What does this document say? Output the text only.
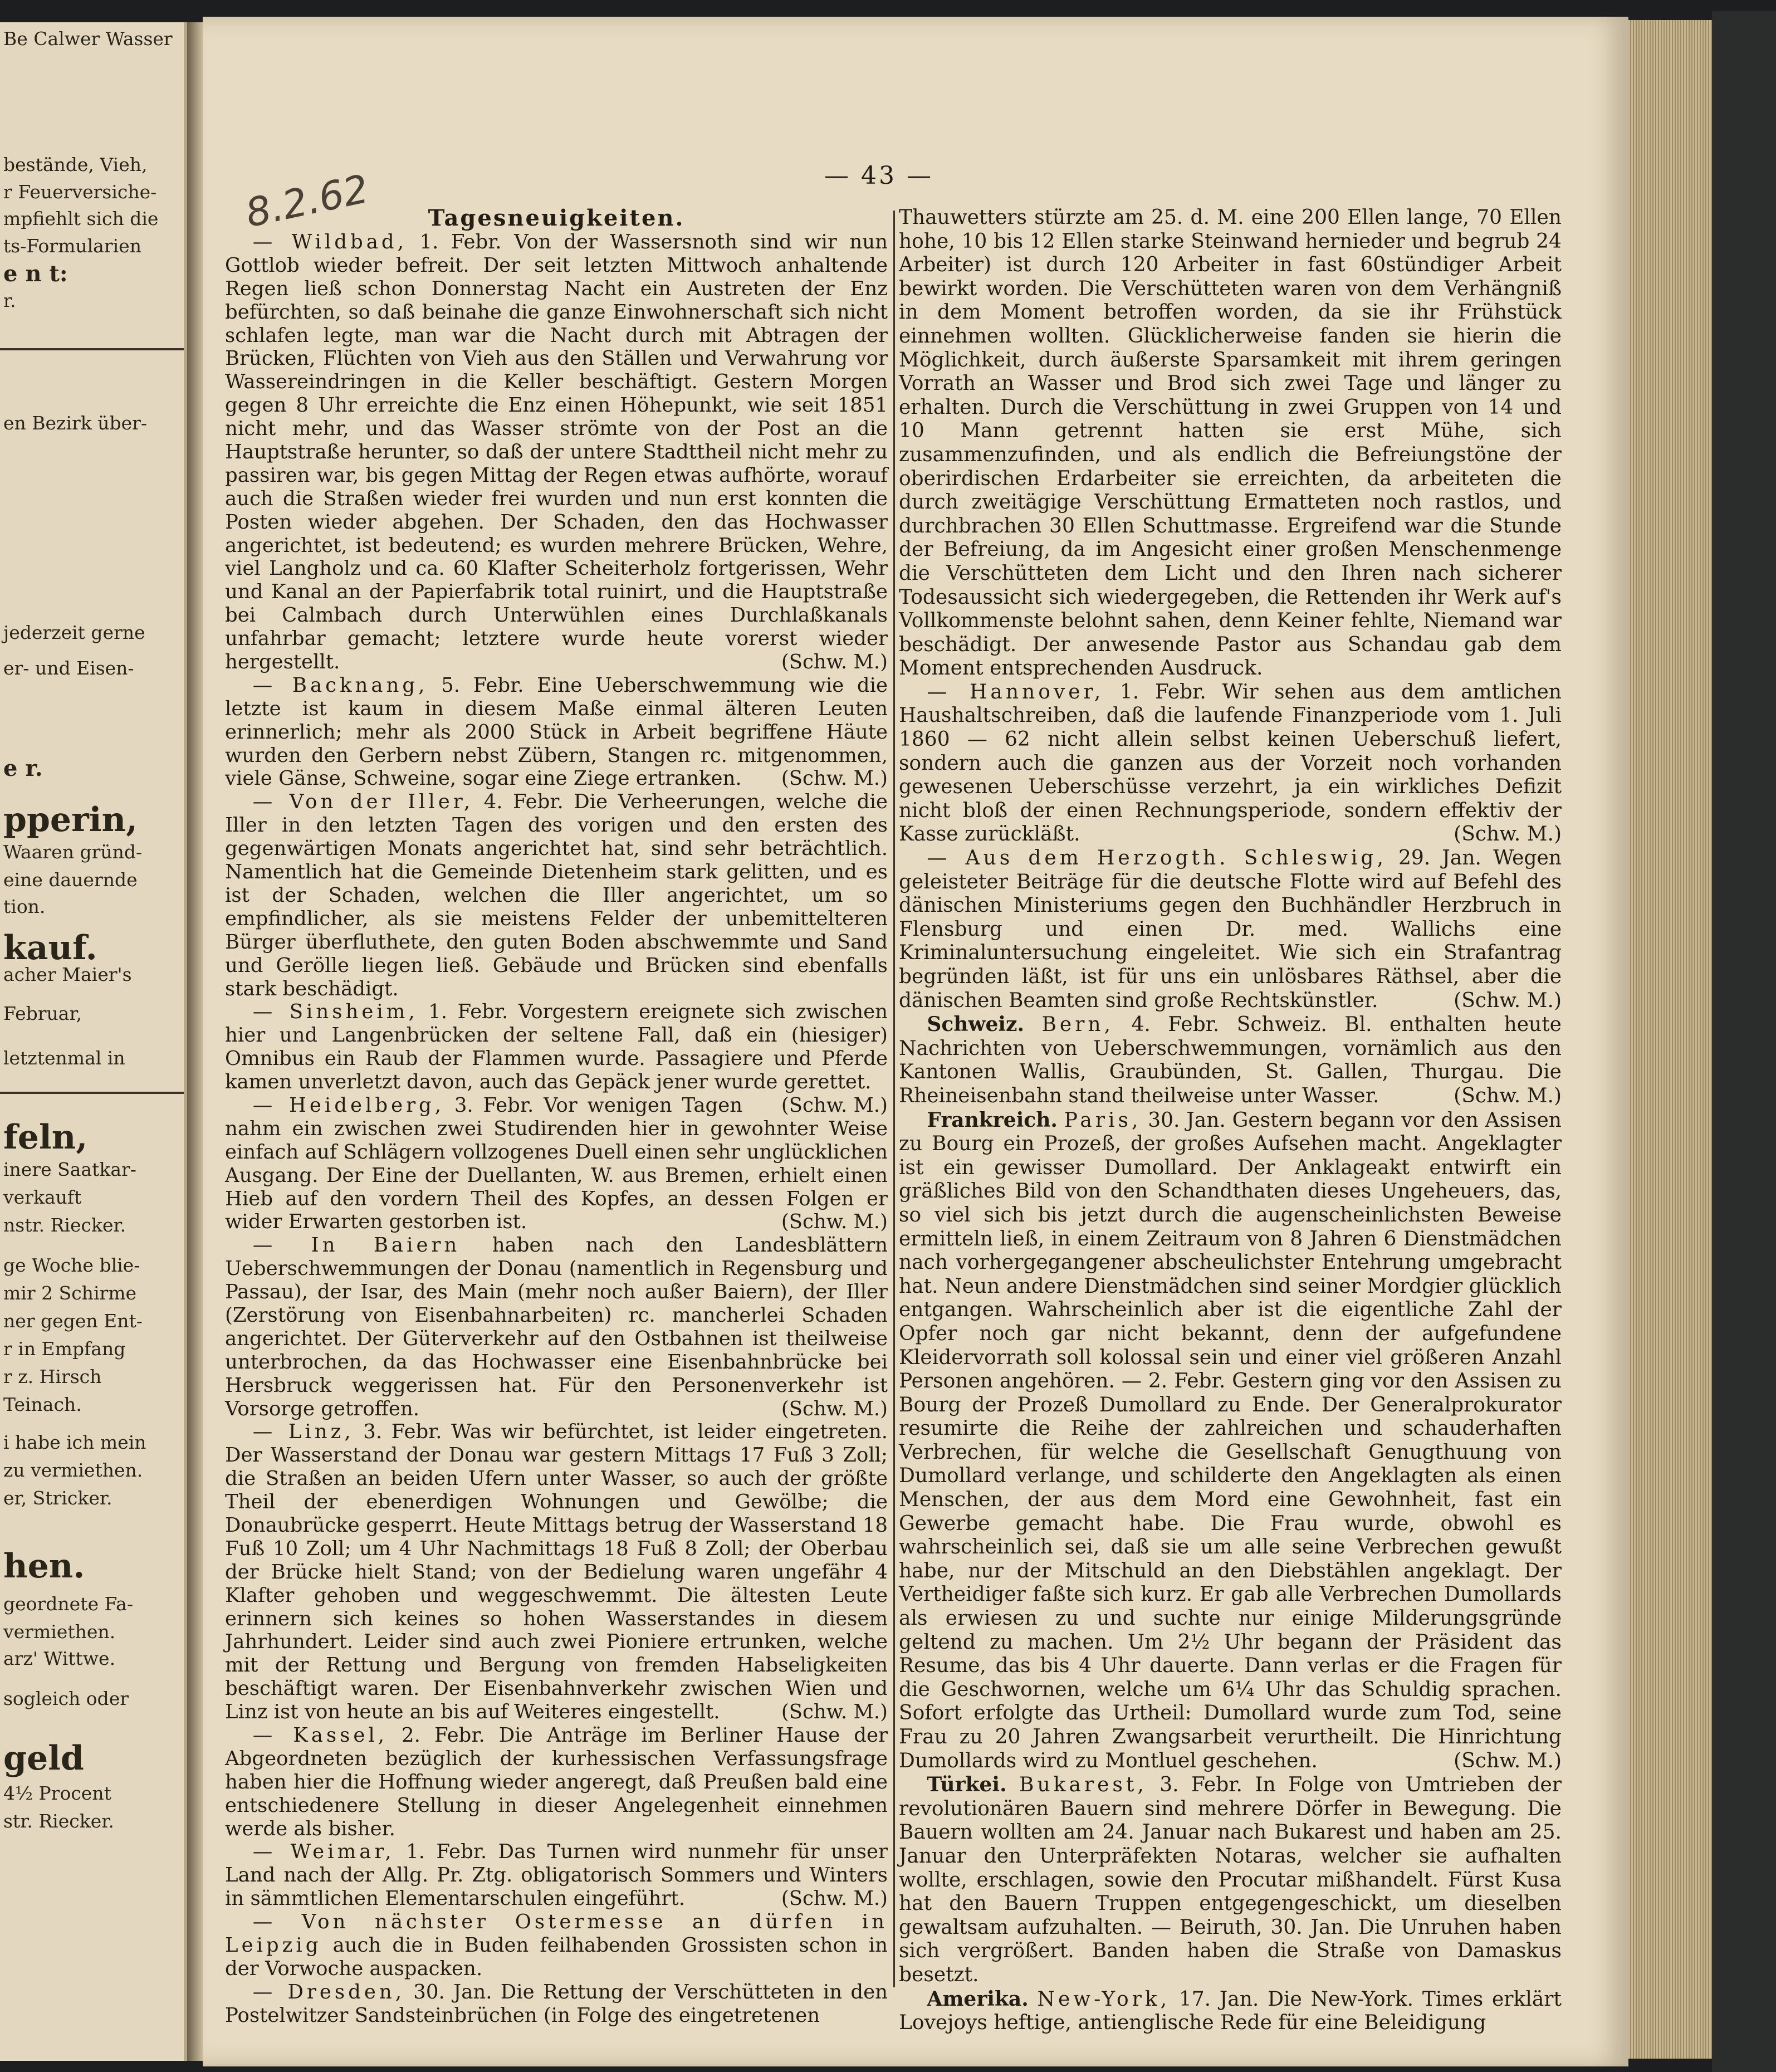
Be Calwer Wasser
bestände, Vieh,
r Feuerversiche-
mpfiehlt sich die
ts-Formularien
e n t:
r.
en Bezirk über-
jederzeit gerne
er- und Eisen-
e r.
pperin,
Waaren gründ-
eine dauernde
tion.
kauf.
acher Maier's
Februar,
letztenmal in
feln,
inere Saatkar-
verkauft
nstr. Riecker.
ge Woche blie-
mir 2 Schirme
ner gegen Ent-
r in Empfang
r z. Hirsch
Teinach.
i habe ich mein
zu vermiethen.
er, Stricker.
hen.
geordnete Fa-
vermiethen.
arz' Wittwe.
sogleich oder
geld
4½ Procent
str. Riecker.
8.2.62	— 43 —
Tagesneuigkeiten.

— Wildbad, 1. Febr. Von der Wassersnoth sind wir nun Gottlob wieder befreit. Der seit letzten Mittwoch anhaltende Regen ließ schon Donnerstag Nacht ein Austreten der Enz befürchten, so daß beinahe die ganze Einwohnerschaft sich nicht schlafen legte, man war die Nacht durch mit Abtragen der Brücken, Flüchten von Vieh aus den Ställen und Verwahrung vor Wassereindringen in die Keller beschäftigt. Gestern Morgen gegen 8 Uhr erreichte die Enz einen Höhepunkt, wie seit 1851 nicht mehr, und das Wasser strömte von der Post an die Hauptstraße herunter, so daß der untere Stadttheil nicht mehr zu passiren war, bis gegen Mittag der Regen etwas aufhörte, worauf auch die Straßen wieder frei wurden und nun erst konnten die Posten wieder abgehen. Der Schaden, den das Hochwasser angerichtet, ist bedeutend; es wurden mehrere Brücken, Wehre, viel Langholz und ca. 60 Klafter Scheiterholz fortgerissen, Wehr und Kanal an der Papierfabrik total ruinirt, und die Hauptstraße bei Calmbach durch Unterwühlen eines Durchlaßkanals unfahrbar gemacht; letztere wurde heute vorerst wieder hergestellt.	(Schw. M.)

— Backnang, 5. Febr. Eine Ueberschwemmung wie die letzte ist kaum in diesem Maße einmal älteren Leuten erinnerlich; mehr als 2000 Stück in Arbeit begriffene Häute wurden den Gerbern nebst Zübern, Stangen rc. mitgenommen, viele Gänse, Schweine, sogar eine Ziege ertranken.	(Schw. M.)

— Von der Iller, 4. Febr. Die Verheerungen, welche die Iller in den letzten Tagen des vorigen und den ersten des gegenwärtigen Monats angerichtet hat, sind sehr beträchtlich. Namentlich hat die Gemeinde Dietenheim stark gelitten, und es ist der Schaden, welchen die Iller angerichtet, um so empfindlicher, als sie meistens Felder der unbemittelteren Bürger überfluthete, den guten Boden abschwemmte und Sand und Gerölle liegen ließ. Gebäude und Brücken sind ebenfalls stark beschädigt.

— Sinsheim, 1. Febr. Vorgestern ereignete sich zwischen hier und Langenbrücken der seltene Fall, daß ein (hiesiger) Omnibus ein Raub der Flammen wurde. Passagiere und Pferde kamen unverletzt davon, auch das Gepäck jener wurde gerettet.
(Schw. M.)

— Heidelberg, 3. Febr. Vor wenigen Tagen nahm ein zwischen zwei Studirenden hier in gewohnter Weise einfach auf Schlägern vollzogenes Duell einen sehr unglücklichen Ausgang. Der Eine der Duellanten, W. aus Bremen, erhielt einen Hieb auf den vordern Theil des Kopfes, an dessen Folgen er wider Erwarten gestorben ist.	(Schw. M.)

— In Baiern haben nach den Landesblättern Ueberschwemmungen der Donau (namentlich in Regensburg und Passau), der Isar, des Main (mehr noch außer Baiern), der Iller (Zerstörung von Eisenbahnarbeiten) rc. mancherlei Schaden angerichtet. Der Güterverkehr auf den Ostbahnen ist theilweise unterbrochen, da das Hochwasser eine Eisenbahnbrücke bei Hersbruck weggerissen hat. Für den Personenverkehr ist Vorsorge getroffen.	(Schw. M.)

— Linz, 3. Febr. Was wir befürchtet, ist leider eingetreten. Der Wasserstand der Donau war gestern Mittags 17 Fuß 3 Zoll; die Straßen an beiden Ufern unter Wasser, so auch der größte Theil der ebenerdigen Wohnungen und Gewölbe; die Donaubrücke gesperrt. Heute Mittags betrug der Wasserstand 18 Fuß 10 Zoll; um 4 Uhr Nachmittags 18 Fuß 8 Zoll; der Oberbau der Brücke hielt Stand; von der Bedielung waren ungefähr 4 Klafter gehoben und weggeschwemmt. Die ältesten Leute erinnern sich keines so hohen Wasserstandes in diesem Jahrhundert. Leider sind auch zwei Pioniere ertrunken, welche mit der Rettung und Bergung von fremden Habseligkeiten beschäftigt waren. Der Eisenbahnverkehr zwischen Wien und Linz ist von heute an bis auf Weiteres eingestellt.	(Schw. M.)

— Kassel, 2. Febr. Die Anträge im Berliner Hause der Abgeordneten bezüglich der kurhessischen Verfassungsfrage haben hier die Hoffnung wieder angeregt, daß Preußen bald eine entschiedenere Stellung in dieser Angelegenheit einnehmen werde als bisher.

— Weimar, 1. Febr. Das Turnen wird nunmehr für unser Land nach der Allg. Pr. Ztg. obligatorisch Sommers und Winters in sämmtlichen Elementarschulen eingeführt.	(Schw. M.)

— Von nächster Ostermesse an dürfen in Leipzig auch die in Buden feilhabenden Grossisten schon in der Vorwoche auspacken.

— Dresden, 30. Jan. Die Rettung der Verschütteten in den Postelwitzer Sandsteinbrüchen (in Folge des eingetretenen

Thauwetters stürzte am 25. d. M. eine 200 Ellen lange, 70 Ellen hohe, 10 bis 12 Ellen starke Steinwand hernieder und begrub 24 Arbeiter) ist durch 120 Arbeiter in fast 60stündiger Arbeit bewirkt worden. Die Verschütteten waren von dem Verhängniß in dem Moment betroffen worden, da sie ihr Frühstück einnehmen wollten. Glücklicherweise fanden sie hierin die Möglichkeit, durch äußerste Sparsamkeit mit ihrem geringen Vorrath an Wasser und Brod sich zwei Tage und länger zu erhalten. Durch die Verschüttung in zwei Gruppen von 14 und 10 Mann getrennt hatten sie erst Mühe, sich zusammenzufinden, und als endlich die Befreiungstöne der oberirdischen Erdarbeiter sie erreichten, da arbeiteten die durch zweitägige Verschüttung Ermatteten noch rastlos, und durchbrachen 30 Ellen Schuttmasse. Ergreifend war die Stunde der Befreiung, da im Angesicht einer großen Menschenmenge die Verschütteten dem Licht und den Ihren nach sicherer Todesaussicht sich wiedergegeben, die Rettenden ihr Werk auf's Vollkommenste belohnt sahen, denn Keiner fehlte, Niemand war beschädigt. Der anwesende Pastor aus Schandau gab dem Moment entsprechenden Ausdruck.

— Hannover, 1. Febr. Wir sehen aus dem amtlichen Haushaltschreiben, daß die laufende Finanzperiode vom 1. Juli 1860 — 62 nicht allein selbst keinen Ueberschuß liefert, sondern auch die ganzen aus der Vorzeit noch vorhanden gewesenen Ueberschüsse verzehrt, ja ein wirkliches Defizit nicht bloß der einen Rechnungsperiode, sondern effektiv der Kasse zurückläßt.	(Schw. M.)

— Aus dem Herzogth. Schleswig, 29. Jan. Wegen geleisteter Beiträge für die deutsche Flotte wird auf Befehl des dänischen Ministeriums gegen den Buchhändler Herzbruch in Flensburg und einen Dr. med. Wallichs eine Kriminaluntersuchung eingeleitet. Wie sich ein Strafantrag begründen läßt, ist für uns ein unlösbares Räthsel, aber die dänischen Beamten sind große Rechtskünstler.	(Schw. M.)

Schweiz. Bern, 4. Febr. Schweiz. Bl. enthalten heute Nachrichten von Ueberschwemmungen, vornämlich aus den Kantonen Wallis, Graubünden, St. Gallen, Thurgau. Die Rheineisenbahn stand theilweise unter Wasser.	(Schw. M.)

Frankreich. Paris, 30. Jan. Gestern begann vor den Assisen zu Bourg ein Prozeß, der großes Aufsehen macht. Angeklagter ist ein gewisser Dumollard. Der Anklageakt entwirft ein gräßliches Bild von den Schandthaten dieses Ungeheuers, das, so viel sich bis jetzt durch die augenscheinlichsten Beweise ermitteln ließ, in einem Zeitraum von 8 Jahren 6 Dienstmädchen nach vorhergegangener abscheulichster Entehrung umgebracht hat. Neun andere Dienstmädchen sind seiner Mordgier glücklich entgangen. Wahrscheinlich aber ist die eigentliche Zahl der Opfer noch gar nicht bekannt, denn der aufgefundene Kleidervorrath soll kolossal sein und einer viel größeren Anzahl Personen angehören. — 2. Febr. Gestern ging vor den Assisen zu Bourg der Prozeß Dumollard zu Ende. Der Generalprokurator resumirte die Reihe der zahlreichen und schauderhaften Verbrechen, für welche die Gesellschaft Genugthuung von Dumollard verlange, und schilderte den Angeklagten als einen Menschen, der aus dem Mord eine Gewohnheit, fast ein Gewerbe gemacht habe. Die Frau wurde, obwohl es wahrscheinlich sei, daß sie um alle seine Verbrechen gewußt habe, nur der Mitschuld an den Diebstählen angeklagt. Der Vertheidiger faßte sich kurz. Er gab alle Verbrechen Dumollards als erwiesen zu und suchte nur einige Milderungsgründe geltend zu machen. Um 2½ Uhr begann der Präsident das Resume, das bis 4 Uhr dauerte. Dann verlas er die Fragen für die Geschwornen, welche um 6¼ Uhr das Schuldig sprachen. Sofort erfolgte das Urtheil: Dumollard wurde zum Tod, seine Frau zu 20 Jahren Zwangsarbeit verurtheilt. Die Hinrichtung Dumollards wird zu Montluel geschehen.	(Schw. M.)

Türkei. Bukarest, 3. Febr. In Folge von Umtrieben der revolutionären Bauern sind mehrere Dörfer in Bewegung. Die Bauern wollten am 24. Januar nach Bukarest und haben am 25. Januar den Unterpräfekten Notaras, welcher sie aufhalten wollte, erschlagen, sowie den Procutar mißhandelt. Fürst Kusa hat den Bauern Truppen entgegengeschickt, um dieselben gewaltsam aufzuhalten. — Beiruth, 30. Jan. Die Unruhen haben sich vergrößert. Banden haben die Straße von Damaskus besetzt.

Amerika. New-York, 17. Jan. Die New-York. Times erklärt Lovejoys heftige, antienglische Rede für eine Beleidigung
